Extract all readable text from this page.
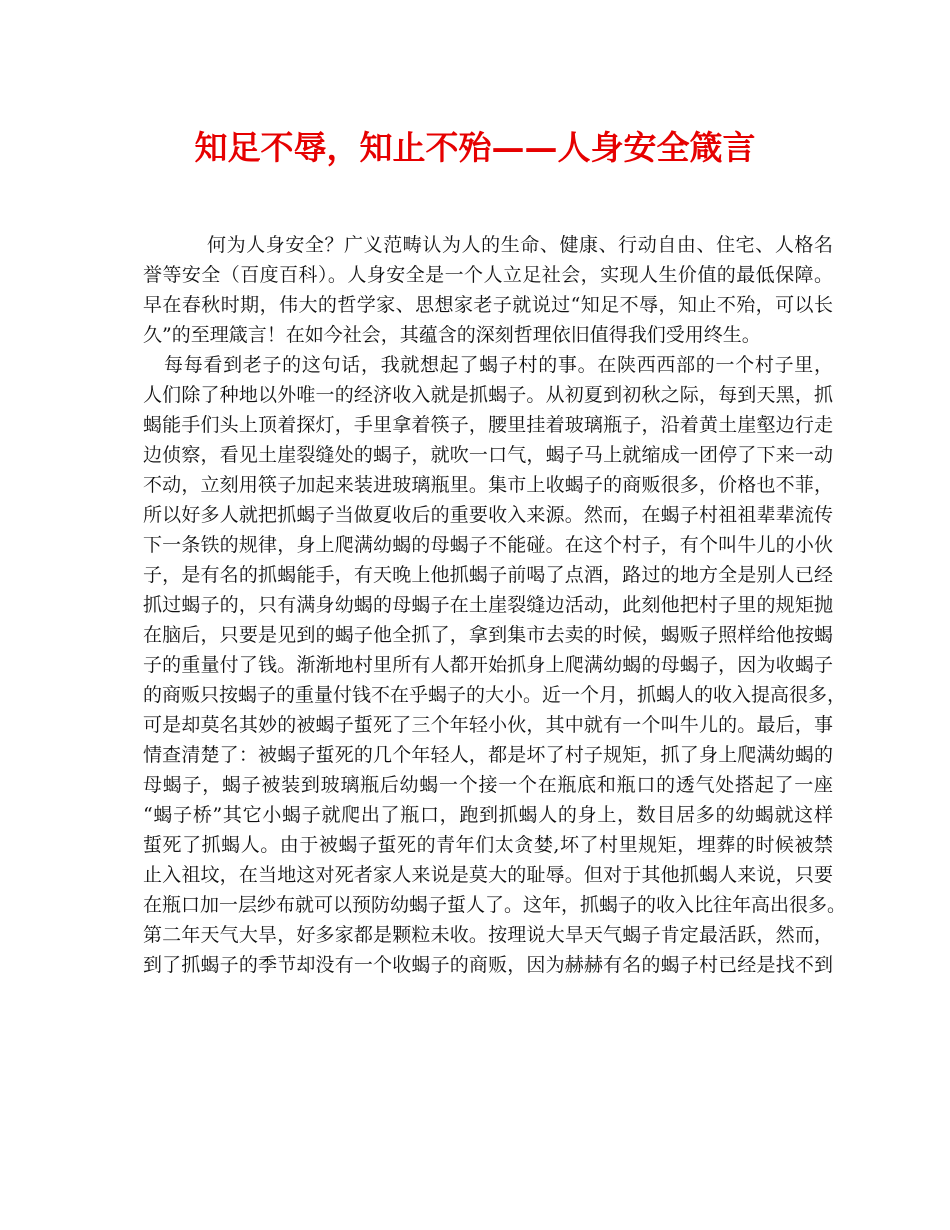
知足不辱，知止不殆——人身安全箴言
何为人身安全？广义范畴认为人的生命、健康、行动自由、住宅、人格名
誉等安全（百度百科）。人身安全是一个人立足社会，实现人生价值的最低保障。
早在春秋时期，伟大的哲学家、思想家老子就说过“知足不辱，知止不殆，可以长
久”的至理箴言！在如今社会，其蕴含的深刻哲理依旧值得我们受用终生。
每每看到老子的这句话，我就想起了蝎子村的事。在陕西西部的一个村子里，
人们除了种地以外唯一的经济收入就是抓蝎子。从初夏到初秋之际，每到天黑，抓
蝎能手们头上顶着探灯，手里拿着筷子，腰里挂着玻璃瓶子，沿着黄土崖壑边行走
边侦察，看见土崖裂缝处的蝎子，就吹一口气，蝎子马上就缩成一团停了下来一动
不动，立刻用筷子加起来装进玻璃瓶里。集市上收蝎子的商贩很多，价格也不菲，
所以好多人就把抓蝎子当做夏收后的重要收入来源。然而，在蝎子村祖祖辈辈流传
下一条铁的规律，身上爬满幼蝎的母蝎子不能碰。在这个村子，有个叫牛儿的小伙
子，是有名的抓蝎能手，有天晚上他抓蝎子前喝了点酒，路过的地方全是别人已经
抓过蝎子的，只有满身幼蝎的母蝎子在土崖裂缝边活动，此刻他把村子里的规矩抛
在脑后，只要是见到的蝎子他全抓了，拿到集市去卖的时候，蝎贩子照样给他按蝎
子的重量付了钱。渐渐地村里所有人都开始抓身上爬满幼蝎的母蝎子，因为收蝎子
的商贩只按蝎子的重量付钱不在乎蝎子的大小。近一个月，抓蝎人的收入提高很多，
可是却莫名其妙的被蝎子蜇死了三个年轻小伙，其中就有一个叫牛儿的。最后，事
情查清楚了：被蝎子蜇死的几个年轻人，都是坏了村子规矩，抓了身上爬满幼蝎的
母蝎子，蝎子被装到玻璃瓶后幼蝎一个接一个在瓶底和瓶口的透气处搭起了一座
“蝎子桥”其它小蝎子就爬出了瓶口，跑到抓蝎人的身上，数目居多的幼蝎就这样
蜇死了抓蝎人。由于被蝎子蜇死的青年们太贪婪,坏了村里规矩，埋葬的时候被禁
止入祖坟，在当地这对死者家人来说是莫大的耻辱。但对于其他抓蝎人来说，只要
在瓶口加一层纱布就可以预防幼蝎子蜇人了。这年，抓蝎子的收入比往年高出很多。
第二年天气大旱，好多家都是颗粒未收。按理说大旱天气蝎子肯定最活跃，然而，
到了抓蝎子的季节却没有一个收蝎子的商贩，因为赫赫有名的蝎子村已经是找不到
